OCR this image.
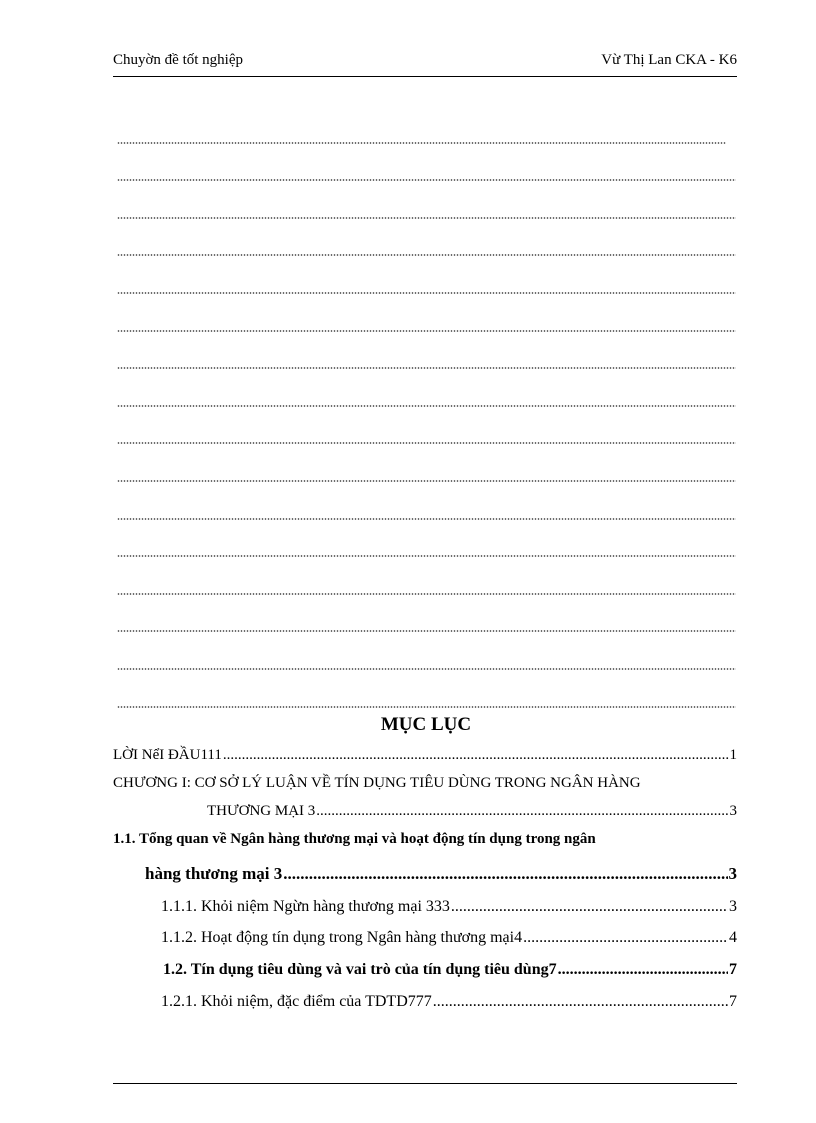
Chuyờn đề tốt nghiệp	Vừ Thị Lan CKA - K6
MỤC LỤC
LỜI NểI ĐẦU111 .....	1
CHƯƠNG I: CƠ SỞ LÝ LUẬN VỀ TÍN DỤNG TIÊU DÙNG TRONG NGÂN HÀNG
THƯƠNG MẠI 3 .....	3
1.1. Tổng quan về Ngân hàng thương mại và hoạt động tín dụng trong ngân
hàng thương mại 3 .....	3
1.1.1. Khỏi niệm Ngừn hàng thương mại 333 .....	3
1.1.2. Hoạt động tín dụng trong Ngân hàng thương mại4 .....	4
1.2. Tín dụng tiêu dùng và vai trò của tín dụng tiêu dùng7 .....	7
1.2.1. Khỏi niệm, đặc điểm của TDTD777 .....	7
